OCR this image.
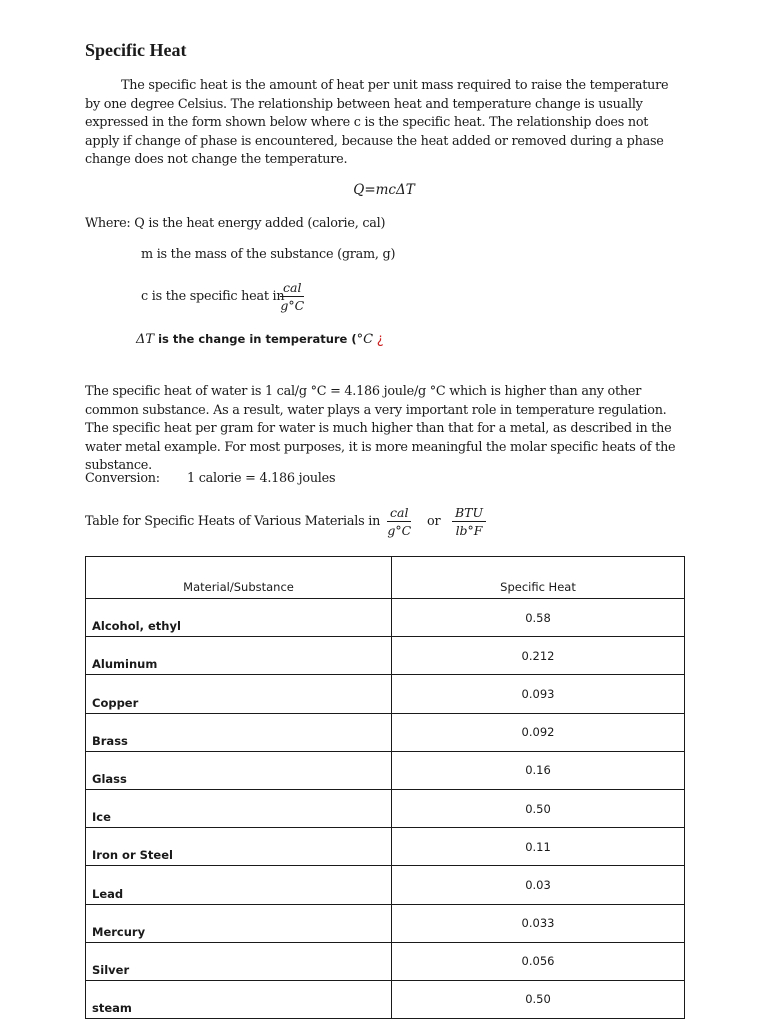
Specific Heat
The specific heat is the amount of heat per unit mass required to raise the temperature by one degree Celsius. The relationship between heat and temperature change is usually expressed in the form shown below where c is the specific heat. The relationship does not apply if change of phase is encountered, because the heat added or removed during a phase change does not change the temperature.
Q=mcΔT
Where: Q is the heat energy added (calorie, cal)
m is the mass of the substance (gram, g)
c is the specific heat in
cal
g°C
ΔT is the change in temperature (°C ¿
The specific heat of water is 1 cal/g °C = 4.186 joule/g °C which is higher than any other common substance. As a result, water plays a very important role in temperature regulation. The specific heat per gram for water is much higher than that for a metal, as described in the water metal example. For most purposes, it is more meaningful the molar specific heats of the substance.
Conversion: 1 calorie = 4.186 joules
Table for Specific Heats of Various Materials in
cal
g°C
or
BTU
lb°F
Material/Substance	Specific Heat
Alcohol, ethyl	0.58
Aluminum	0.212
Copper	0.093
Brass	0.092
Glass	0.16
Ice	0.50
Iron or Steel	0.11
Lead	0.03
Mercury	0.033
Silver	0.056
steam	0.50
